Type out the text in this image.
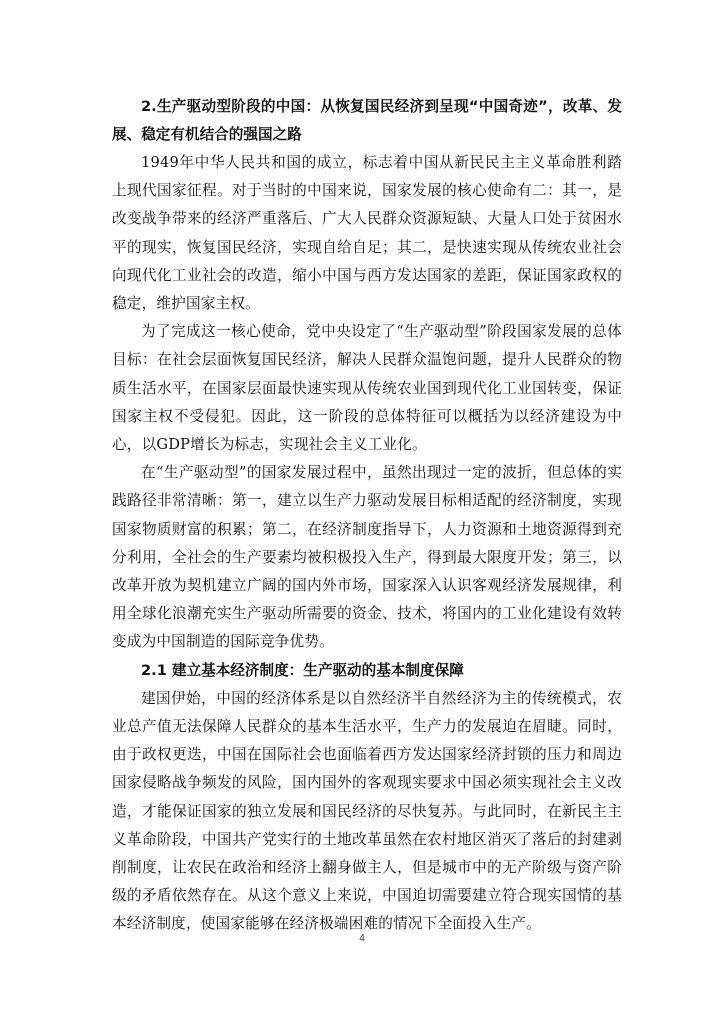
2.生产驱动型阶段的中国：从恢复国民经济到呈现“中国奇迹”，改革、发展、稳定有机结合的强国之路

1949年中华人民共和国的成立，标志着中国从新民民主主义革命胜利踏上现代国家征程。对于当时的中国来说，国家发展的核心使命有二：其一，是改变战争带来的经济严重落后、广大人民群众资源短缺、大量人口处于贫困水平的现实，恢复国民经济，实现自给自足；其二，是快速实现从传统农业社会向现代化工业社会的改造，缩小中国与西方发达国家的差距，保证国家政权的稳定，维护国家主权。

为了完成这一核心使命，党中央设定了“生产驱动型”阶段国家发展的总体目标：在社会层面恢复国民经济，解决人民群众温饱问题，提升人民群众的物质生活水平，在国家层面最快速实现从传统农业国到现代化工业国转变，保证国家主权不受侵犯。因此，这一阶段的总体特征可以概括为以经济建设为中心，以GDP增长为标志，实现社会主义工业化。

在“生产驱动型”的国家发展过程中，虽然出现过一定的波折，但总体的实践路径非常清晰：第一，建立以生产力驱动发展目标相适配的经济制度，实现国家物质财富的积累；第二，在经济制度指导下，人力资源和土地资源得到充分利用，全社会的生产要素均被积极投入生产，得到最大限度开发；第三，以改革开放为契机建立广阔的国内外市场，国家深入认识客观经济发展规律，利用全球化浪潮充实生产驱动所需要的资金、技术，将国内的工业化建设有效转变成为中国制造的国际竞争优势。

2.1 建立基本经济制度：生产驱动的基本制度保障

建国伊始，中国的经济体系是以自然经济半自然经济为主的传统模式，农业总产值无法保障人民群众的基本生活水平，生产力的发展迫在眉睫。同时，由于政权更迭，中国在国际社会也面临着西方发达国家经济封锁的压力和周边国家侵略战争频发的风险，国内国外的客观现实要求中国必须实现社会主义改造，才能保证国家的独立发展和国民经济的尽快复苏。与此同时，在新民主主义革命阶段，中国共产党实行的土地改革虽然在农村地区消灭了落后的封建剥削制度，让农民在政治和经济上翻身做主人，但是城市中的无产阶级与资产阶级的矛盾依然存在。从这个意义上来说，中国迫切需要建立符合现实国情的基本经济制度，使国家能够在经济极端困难的情况下全面投入生产。

4
